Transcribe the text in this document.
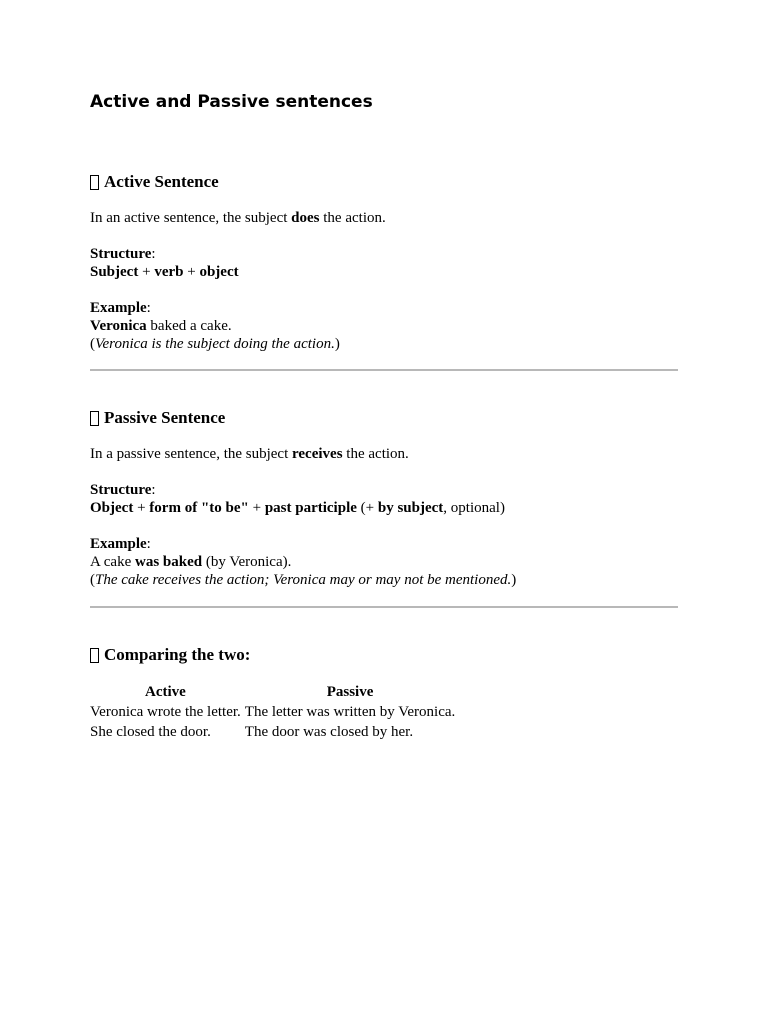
Active and Passive sentences
Active Sentence

In an active sentence, the subject does the action.

Structure:

Subject + verb + object

Example:

Veronica baked a cake.

(Veronica is the subject doing the action.)

Passive Sentence

In a passive sentence, the subject receives the action.

Structure:

Object + form of "to be" + past participle (+ by subject, optional)

Example:

A cake was baked (by Veronica).

(The cake receives the action; Veronica may or may not be mentioned.)

Comparing the two:
Active	Passive
Veronica wrote the letter.	The letter was written by Veronica.
She closed the door.	The door was closed by her.
